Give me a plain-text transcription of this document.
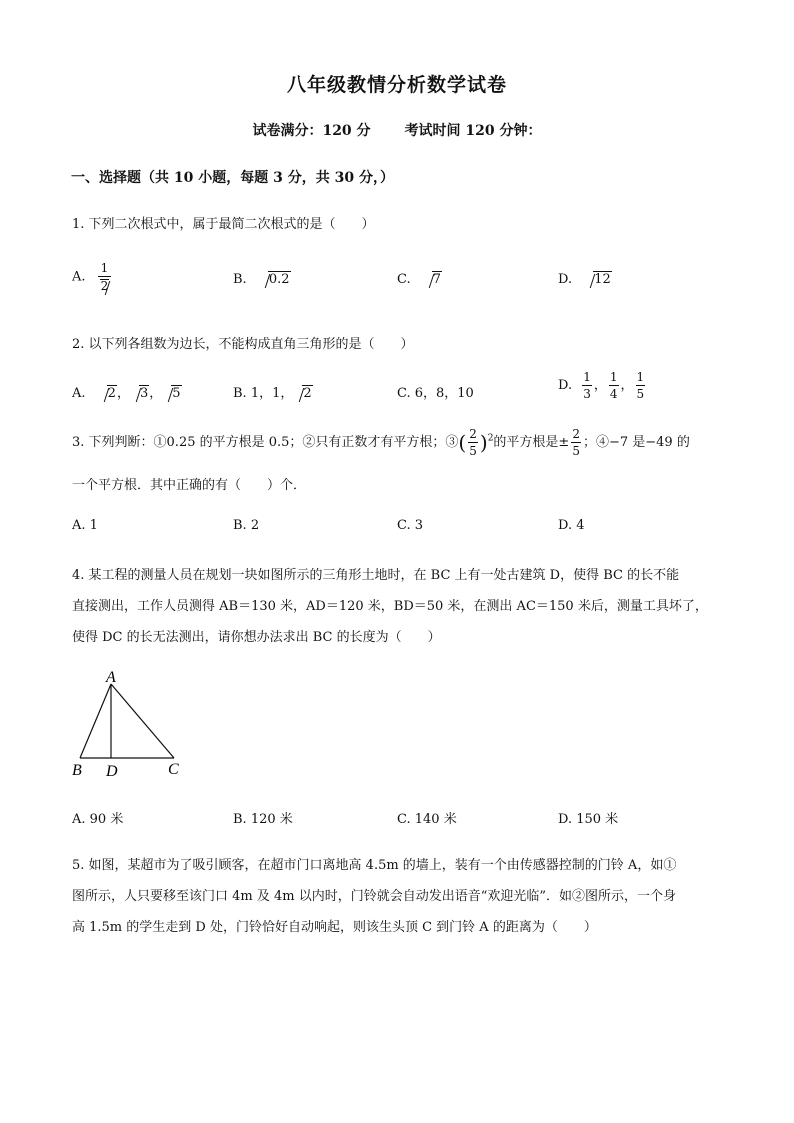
八年级教情分析数学试卷
试卷满分：120 分 考试时间 120 分钟：
一、选择题（共 10 小题，每题 3 分，共 30 分，）
1. 下列二次根式中，属于最简二次根式的是（　　）
A. $\frac{1}{2}$	B. 0.2	C. 7	D. 12
2. 以下列各组数为边长，不能构成直角三角形的是（　　）
A. 2， 3， 5	B. 1，1， 2	C. 6，8，10
D. $\frac{1}{3}$ ， $\frac{1}{4}$ ， $\frac{1}{5}$
3. 下列判断：①0.25 的平方根是 0.5；②只有正数才有平方根；③( $\frac{2}{5} )^2$的平方根是± $\frac{2}{5}$ ；④−7 是−49 的
一个平方根．其中正确的有（　　）个．
A. 1	B. 2	C. 3	D. 4
4. 某工程的测量人员在规划一块如图所示的三角形土地时，在 BC 上有一处古建筑 D，使得 BC 的长不能
直接测出，工作人员测得 AB＝130 米，AD＝120 米，BD＝50 米，在测出 AC＝150 米后，测量工具坏了，
使得 DC 的长无法测出，请你想办法求出 BC 的长度为（　　）
A
B D	C
A. 90 米	B. 120 米	C. 140 米	D. 150 米
5. 如图，某超市为了吸引顾客，在超市门口离地高 4.5m 的墙上，装有一个由传感器控制的门铃 A，如①
图所示，人只要移至该门口 4m 及 4m 以内时，门铃就会自动发出语音“欢迎光临”．如②图所示，一个身
高 1.5m 的学生走到 D 处，门铃恰好自动响起，则该生头顶 C 到门铃 A 的距离为（　　）
